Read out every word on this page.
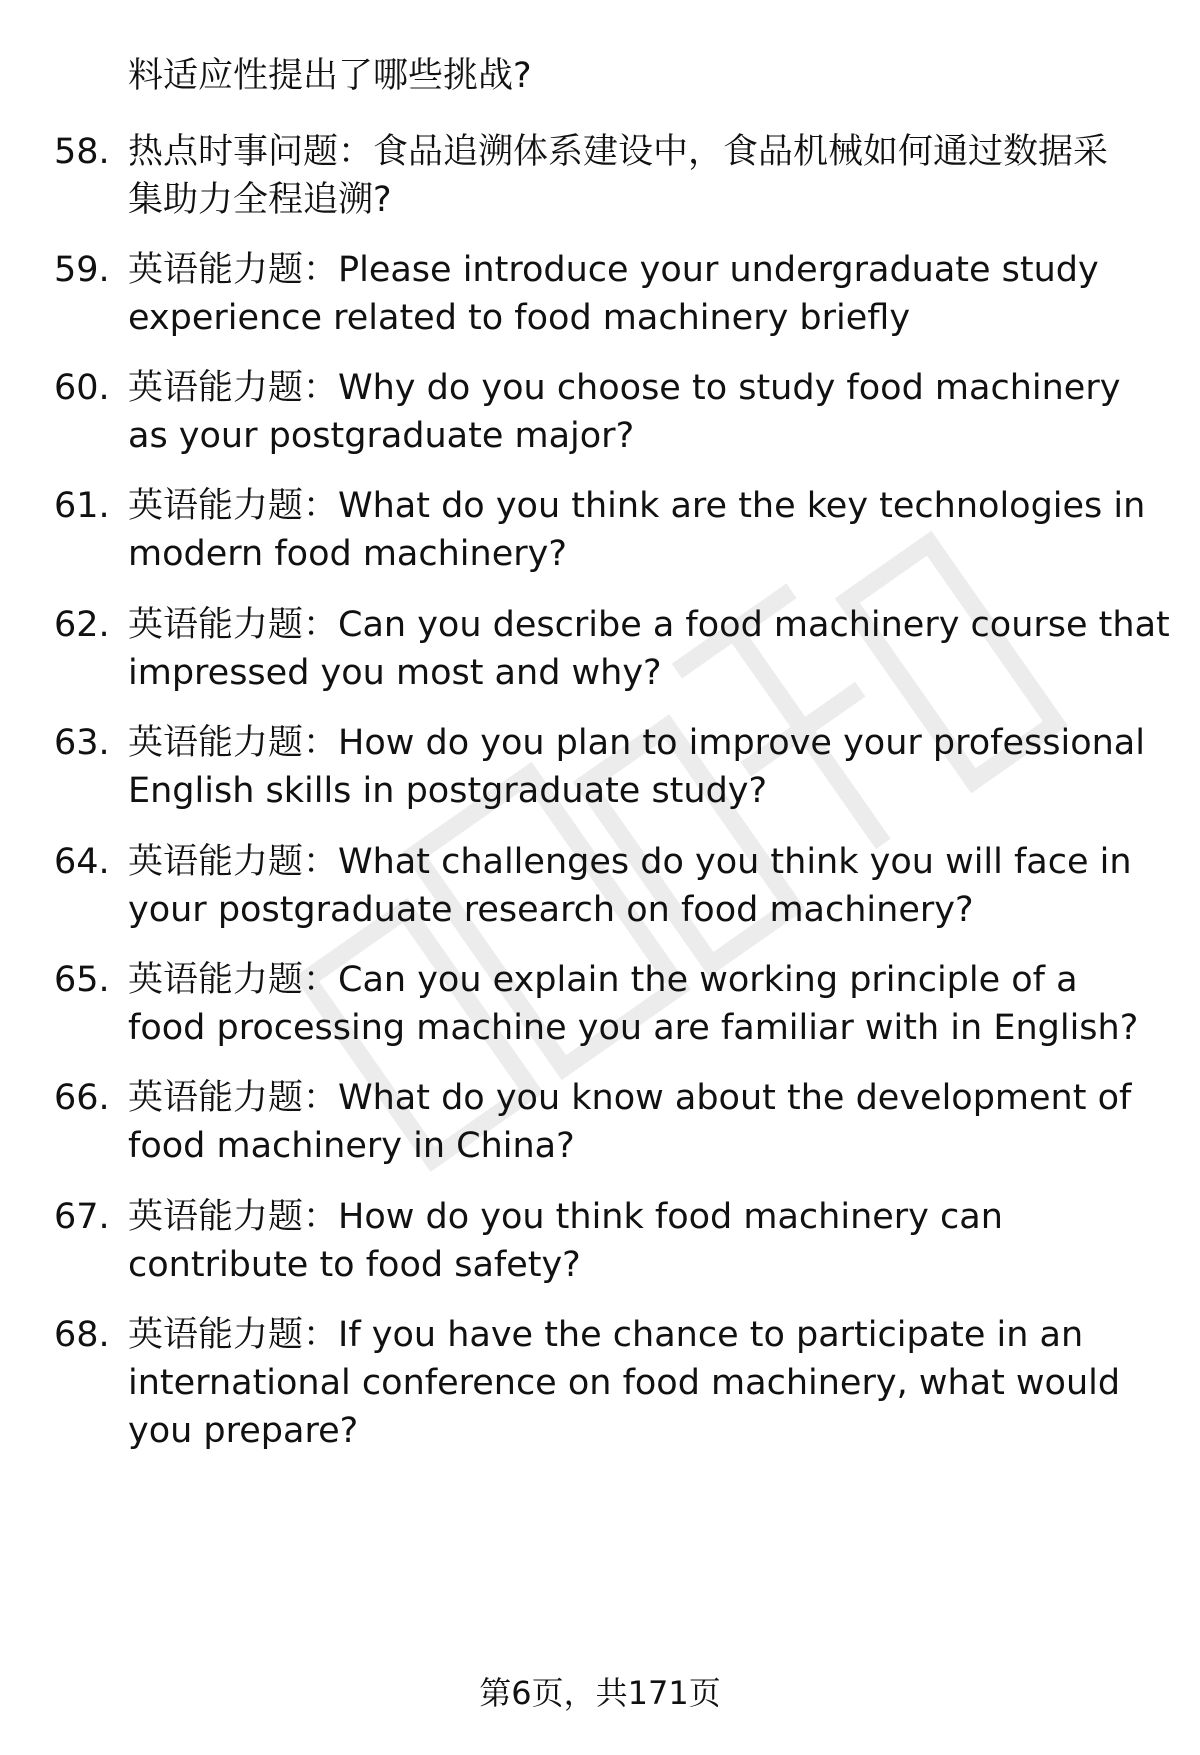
料适应性提出了哪些挑战?
58. 热点时事问题：食品追溯体系建设中，食品机械如何通过数据采
集助力全程追溯?
59. 英语能力题：Please introduce your undergraduate study
experience related to food machinery briefly
60. 英语能力题：Why do you choose to study food machinery
as your postgraduate major?
61. 英语能力题：What do you think are the key technologies in
modern food machinery?
62. 英语能力题：Can you describe a food machinery course that
impressed you most and why?
63. 英语能力题：How do you plan to improve your professional
English skills in postgraduate study?
64. 英语能力题：What challenges do you think you will face in
your postgraduate research on food machinery?
65. 英语能力题：Can you explain the working principle of a
food processing machine you are familiar with in English?
66. 英语能力题：What do you know about the development of
food machinery in China?
67. 英语能力题：How do you think food machinery can
contribute to food safety?
68. 英语能力题：If you have the chance to participate in an
international conference on food machinery, what would
you prepare?
第6页，共171页
